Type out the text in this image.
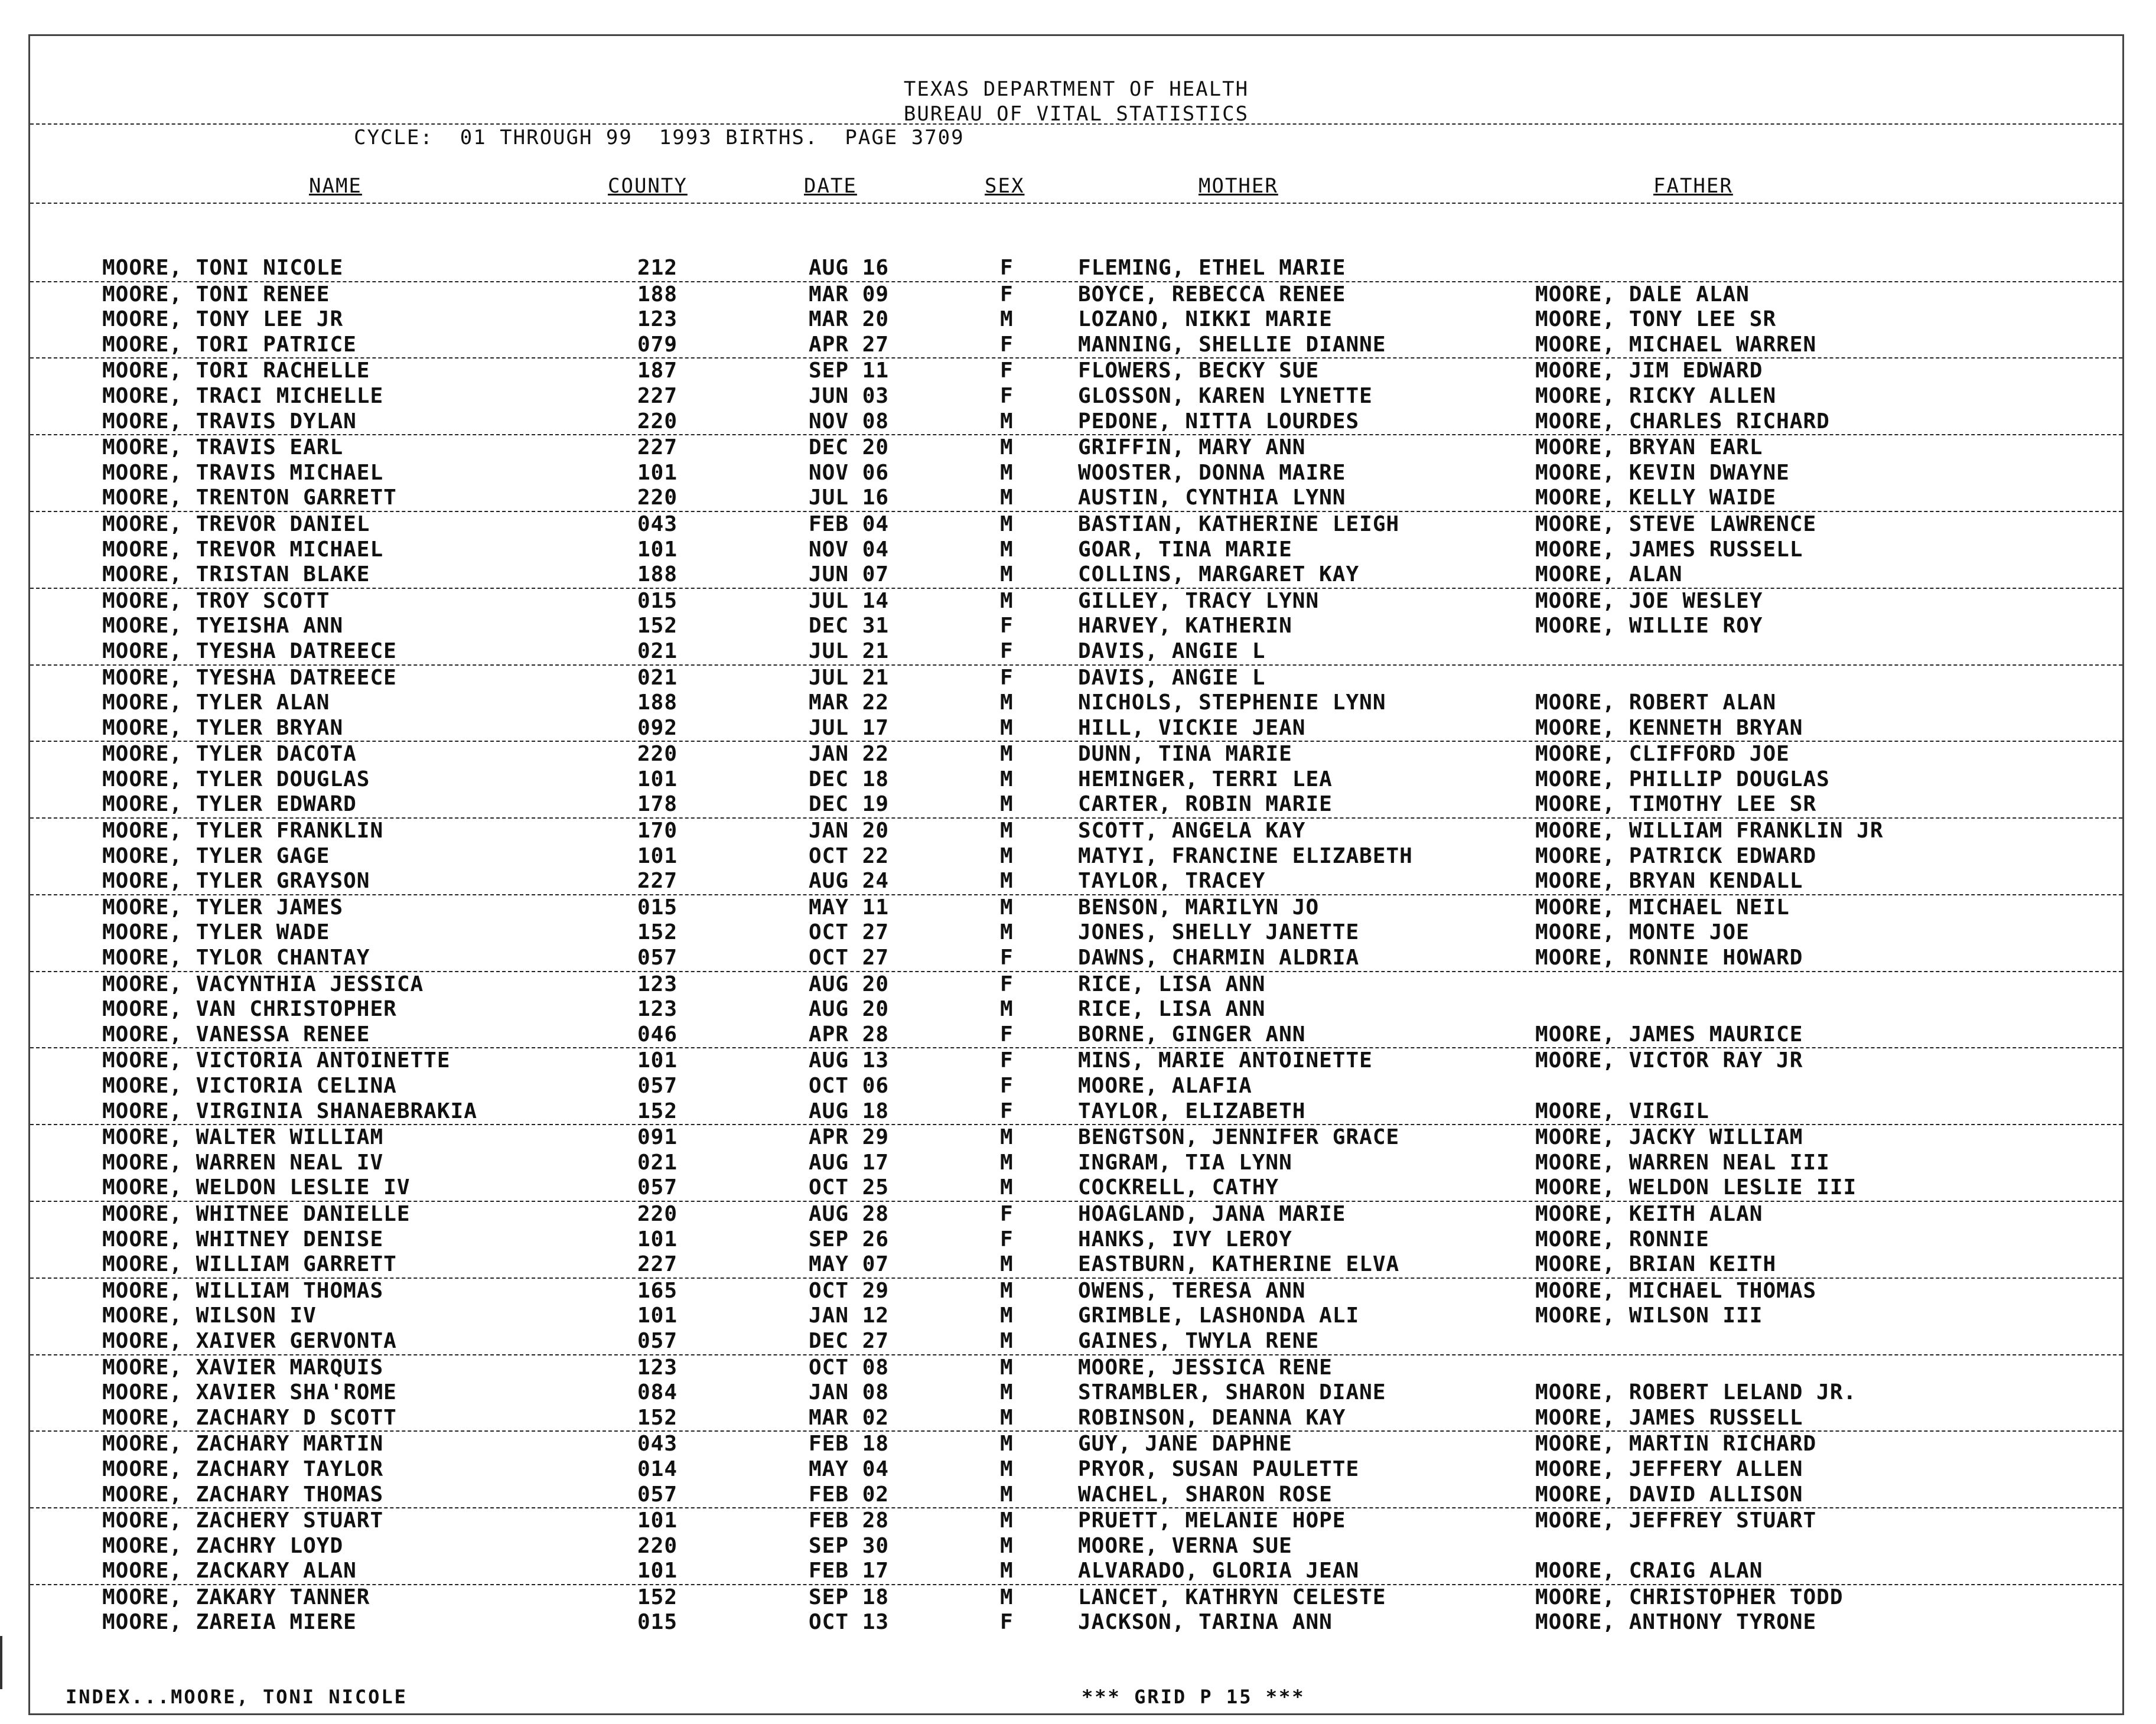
TEXAS DEPARTMENT OF HEALTH
BUREAU OF VITAL STATISTICS
CYCLE:  01 THROUGH 99  1993 BIRTHS.  PAGE 3709
NAME	COUNTY	DATE	SEX	MOTHER	FATHER
MOORE, TONI NICOLE	212	AUG 16	F	FLEMING, ETHEL MARIE
MOORE, TONI RENEE	188	MAR 09	F	BOYCE, REBECCA RENEE	MOORE, DALE ALAN
MOORE, TONY LEE JR	123	MAR 20	M	LOZANO, NIKKI MARIE	MOORE, TONY LEE SR
MOORE, TORI PATRICE	079	APR 27	F	MANNING, SHELLIE DIANNE	MOORE, MICHAEL WARREN
MOORE, TORI RACHELLE	187	SEP 11	F	FLOWERS, BECKY SUE	MOORE, JIM EDWARD
MOORE, TRACI MICHELLE	227	JUN 03	F	GLOSSON, KAREN LYNETTE	MOORE, RICKY ALLEN
MOORE, TRAVIS DYLAN	220	NOV 08	M	PEDONE, NITTA LOURDES	MOORE, CHARLES RICHARD
MOORE, TRAVIS EARL	227	DEC 20	M	GRIFFIN, MARY ANN	MOORE, BRYAN EARL
MOORE, TRAVIS MICHAEL	101	NOV 06	M	WOOSTER, DONNA MAIRE	MOORE, KEVIN DWAYNE
MOORE, TRENTON GARRETT	220	JUL 16	M	AUSTIN, CYNTHIA LYNN	MOORE, KELLY WAIDE
MOORE, TREVOR DANIEL	043	FEB 04	M	BASTIAN, KATHERINE LEIGH	MOORE, STEVE LAWRENCE
MOORE, TREVOR MICHAEL	101	NOV 04	M	GOAR, TINA MARIE	MOORE, JAMES RUSSELL
MOORE, TRISTAN BLAKE	188	JUN 07	M	COLLINS, MARGARET KAY	MOORE, ALAN
MOORE, TROY SCOTT	015	JUL 14	M	GILLEY, TRACY LYNN	MOORE, JOE WESLEY
MOORE, TYEISHA ANN	152	DEC 31	F	HARVEY, KATHERIN	MOORE, WILLIE ROY
MOORE, TYESHA DATREECE	021	JUL 21	F	DAVIS, ANGIE L
MOORE, TYESHA DATREECE	021	JUL 21	F	DAVIS, ANGIE L
MOORE, TYLER ALAN	188	MAR 22	M	NICHOLS, STEPHENIE LYNN	MOORE, ROBERT ALAN
MOORE, TYLER BRYAN	092	JUL 17	M	HILL, VICKIE JEAN	MOORE, KENNETH BRYAN
MOORE, TYLER DACOTA	220	JAN 22	M	DUNN, TINA MARIE	MOORE, CLIFFORD JOE
MOORE, TYLER DOUGLAS	101	DEC 18	M	HEMINGER, TERRI LEA	MOORE, PHILLIP DOUGLAS
MOORE, TYLER EDWARD	178	DEC 19	M	CARTER, ROBIN MARIE	MOORE, TIMOTHY LEE SR
MOORE, TYLER FRANKLIN	170	JAN 20	M	SCOTT, ANGELA KAY	MOORE, WILLIAM FRANKLIN JR
MOORE, TYLER GAGE	101	OCT 22	M	MATYI, FRANCINE ELIZABETH	MOORE, PATRICK EDWARD
MOORE, TYLER GRAYSON	227	AUG 24	M	TAYLOR, TRACEY	MOORE, BRYAN KENDALL
MOORE, TYLER JAMES	015	MAY 11	M	BENSON, MARILYN JO	MOORE, MICHAEL NEIL
MOORE, TYLER WADE	152	OCT 27	M	JONES, SHELLY JANETTE	MOORE, MONTE JOE
MOORE, TYLOR CHANTAY	057	OCT 27	F	DAWNS, CHARMIN ALDRIA	MOORE, RONNIE HOWARD
MOORE, VACYNTHIA JESSICA	123	AUG 20	F	RICE, LISA ANN
MOORE, VAN CHRISTOPHER	123	AUG 20	M	RICE, LISA ANN
MOORE, VANESSA RENEE	046	APR 28	F	BORNE, GINGER ANN	MOORE, JAMES MAURICE
MOORE, VICTORIA ANTOINETTE	101	AUG 13	F	MINS, MARIE ANTOINETTE	MOORE, VICTOR RAY JR
MOORE, VICTORIA CELINA	057	OCT 06	F	MOORE, ALAFIA
MOORE, VIRGINIA SHANAEBRAKIA	152	AUG 18	F	TAYLOR, ELIZABETH	MOORE, VIRGIL
MOORE, WALTER WILLIAM	091	APR 29	M	BENGTSON, JENNIFER GRACE	MOORE, JACKY WILLIAM
MOORE, WARREN NEAL IV	021	AUG 17	M	INGRAM, TIA LYNN	MOORE, WARREN NEAL III
MOORE, WELDON LESLIE IV	057	OCT 25	M	COCKRELL, CATHY	MOORE, WELDON LESLIE III
MOORE, WHITNEE DANIELLE	220	AUG 28	F	HOAGLAND, JANA MARIE	MOORE, KEITH ALAN
MOORE, WHITNEY DENISE	101	SEP 26	F	HANKS, IVY LEROY	MOORE, RONNIE
MOORE, WILLIAM GARRETT	227	MAY 07	M	EASTBURN, KATHERINE ELVA	MOORE, BRIAN KEITH
MOORE, WILLIAM THOMAS	165	OCT 29	M	OWENS, TERESA ANN	MOORE, MICHAEL THOMAS
MOORE, WILSON IV	101	JAN 12	M	GRIMBLE, LASHONDA ALI	MOORE, WILSON III
MOORE, XAIVER GERVONTA	057	DEC 27	M	GAINES, TWYLA RENE
MOORE, XAVIER MARQUIS	123	OCT 08	M	MOORE, JESSICA RENE
MOORE, XAVIER SHA'ROME	084	JAN 08	M	STRAMBLER, SHARON DIANE	MOORE, ROBERT LELAND JR.
MOORE, ZACHARY D SCOTT	152	MAR 02	M	ROBINSON, DEANNA KAY	MOORE, JAMES RUSSELL
MOORE, ZACHARY MARTIN	043	FEB 18	M	GUY, JANE DAPHNE	MOORE, MARTIN RICHARD
MOORE, ZACHARY TAYLOR	014	MAY 04	M	PRYOR, SUSAN PAULETTE	MOORE, JEFFERY ALLEN
MOORE, ZACHARY THOMAS	057	FEB 02	M	WACHEL, SHARON ROSE	MOORE, DAVID ALLISON
MOORE, ZACHERY STUART	101	FEB 28	M	PRUETT, MELANIE HOPE	MOORE, JEFFREY STUART
MOORE, ZACHRY LOYD	220	SEP 30	M	MOORE, VERNA SUE
MOORE, ZACKARY ALAN	101	FEB 17	M	ALVARADO, GLORIA JEAN	MOORE, CRAIG ALAN
MOORE, ZAKARY TANNER	152	SEP 18	M	LANCET, KATHRYN CELESTE	MOORE, CHRISTOPHER TODD
MOORE, ZAREIA MIERE	015	OCT 13	F	JACKSON, TARINA ANN	MOORE, ANTHONY TYRONE
INDEX...MOORE, TONI NICOLE	*** GRID P 15 ***
